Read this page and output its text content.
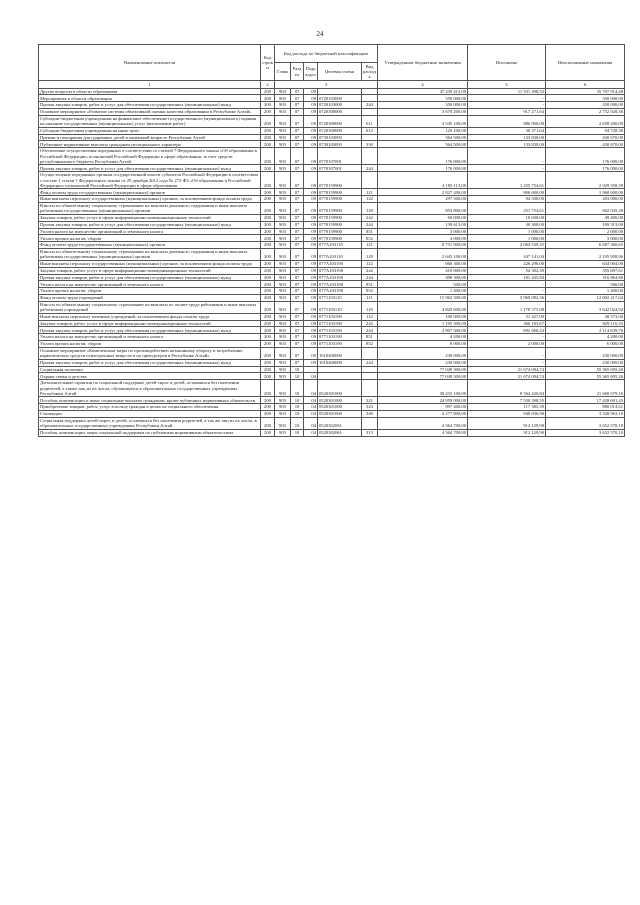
24
Наименование показателя	Код строки	Код расхода по бюджетной классификации					Утвержденные бюджетные назначения	Исполнено	Неисполненные назначения
		Глава	Раздел	Подраздел	Целевая статья	Вид расхода			
1	2	3					4	5	6
Другие вопросы в области образования	200	903	07	09			47 239 413,00	11 531 498,52	35 707 914,48
Мероприятия в области образования	200	903	07	09	0720103000		350 000,00	-	350 000,00
Прочая закупка товаров, работ и услуг для обеспечения государственных (муниципальных) нужд	200	903	07	09	0720103000	244	350 000,00	-	350 000,00
Основное мероприятие «Развитие системы объективной оценки качества образования в Республике Алтай»	200	903	07	09	0720300000		3 670 200,00	917 271,64	2 752 928,36
Субсидии бюджетным учреждениям на финансовое обеспечение государственного (муниципального) задания на оказание государственных (муниципальных) услуг (выполнение работ)	200	903	07	09	0720300000	611	3 545 100,00	886 900,00	2 658 200,00
Субсидии бюджетным учреждениям на иные цели	200	903	07	09	0720300000	612	125 100,00	30 371,64	94 728,36
Премии и поощрения для одаренных детей в маленькой возрасте Республики Алтай	200	903	07	09	0730103093		564 500,00	133 830,00	430 670,00
Публичные нормативные выплаты гражданам несоциального характера	200	903	07	09	0730103093	330	564 500,00	133 830,00	430 670,00
Обеспечение осуществления переданных в соответствии со статьей 7 Федерального закона «Об образовании в Российской Федерации» полномочий Российской Федерации в сфере образования, за счет средств республиканского бюджета Республики Алтай	200	903	07	09	0770107001		176 000,00	-	176 000,00
Прочая закупка товаров, работ и услуг для обеспечения государственных (муниципальных) нужд	200	903	07	09	0770107001	244	176 000,00	-	176 000,00
Осуществление переданных органам государственной власти субъектов Российской Федерации в соответствии с частью 1 статьи 7 Федерального закона от 29 декабря 2012 года № 273-ФЗ «Об образовании в Российской Федерации» полномочий Российской Федерации в сфере образования	200	903	07	09	0770159900		4 185 113,00	1 255 754,61	2 929 358,39
Фонд оплаты труда государственных (муниципальных) органов	200	903	07	09	0770159900	121	2 827 200,00	866 600,00	1 960 600,00
Иные выплаты персоналу государственных (муниципальных) органов, за исключением фонда оплаты труда	200	903	07	09	0770159900	122	297 500,00	94 500,00	203 000,00
Взносы по обязательному социальному страхованию на выплаты денежного содержания и иные выплаты работникам государственных (муниципальных) органов	200	903	07	09	0770159900	129	853 800,00	251 754,61	602 045,39
Закупка товаров, работ, услуг в сфере информационно-коммуникационных технологий	200	903	07	09	0770159900	242	60 000,00	10 600,00	49 400,00
Прочая закупка товаров, работ и услуг для обеспечения государственных (муниципальных) нужд	200	903	07	09	0770159900	244	139 613,00	30 300,00	109 313,00
Уплата налога на имущество организаций и земельного налога	200	903	07	09	0770159900	851	3 000,00	1 000,00	2 000,00
Уплата прочих налогов, сборов	200	903	07	09	0770159900	852	4 000,00	1 000,00	3 000,00
Фонд оплаты труда государственных (муниципальных) органов	200	903	07	09	077А103110	121	8 751 900,00	2 064 539,35	6 687 360,65
Взносы по обязательному социальному страхованию на выплаты денежного содержания и иные выплаты работникам государственных (муниципальных) органов	200	903	07	09	077А103110	129	2 643 100,00	447 141,04	2 195 958,96
Иные выплаты персоналу государственных (муниципальных) органов, за исключением фонда оплаты труда	200	903	07	09	077А103190	122	860 300,00	226 296,00	634 004,00
Закупка товаров, работ, услуг в сфере информационно-коммуникационных технологий	200	903	07	09	077А103190	242	410 000,00	54 302,39	355 697,61
Прочая закупка товаров, работ и услуг для обеспечения государственных (муниципальных) нужд	200	903	07	09	077А103190	244	498 300,00	181 435,84	316 864,86
Уплата налога на имущество организаций и земельного налога	200	903	07	09	077А103190	851	500,00	-	500,00
Уплата прочих налогов, сборов	200	903	07	09	077А103190	852	1 400,00	-	1 400,00
Фонд оплаты труда учреждений	200	903	07	09	0771103110	111	15 962 300,00	3 960 082,36	12 002 217,64
Взносы по обязательному социальному страхованию на выплаты по оплате труда работников и иные выплаты работникам учреждений	200	903	07	09	0771103110	119	4 820 600,00	1 178 575,08	3 642 024,92
Иные выплаты персоналу казенных учреждений, за исключением фонда оплаты труда	200	903	07	09	0771103190	112	100 000,00	51 427,00	48 573,00
Закупка товаров, работ, услуг в сфере информационно-коммуникационных технологий	200	903	07	09	0771103190	242	1 195 300,00	366 183,67	829 116,33
Прочая закупка товаров, работ и услуг для обеспечения государственных (муниципальных) нужд	200	903	07	09	0771103190	244	2 807 300,00	692 660,24	2 114 639,76
Уплата налога на имущество организаций и земельного налога	200	903	07	09	0771103190	851	4 200,00	-	4 200,00
Уплата прочих налогов, сборов	200	903	07	09	0771103190	852	8 000,00	2 000,00	6 000,00
Основное мероприятие «Комплексные меры по противодействию незаконному обороту и потреблению наркотических средств психотропных веществ и их прекурсоров в Республике Алтай»	200	903	07	09	1010400000		230 000,00	-	230 000,00
Прочая закупка товаров, работ и услуг для обеспечения государственных (муниципальных) нужд	200	903	07	09	1010400000	244	230 000,00	-	230 000,00
Социальная политика	200	903	10				77 049 300,00	21 674 094,74	55 365 695,26
Охрана семьи и детства	200	903	10	04			77 049 300,00	21 674 094,74	55 365 695,26
Дополнительные гарантии по социальной поддержке детей-сирот и детей, оставшихся без попечения родителей, а также лиц из их числа, обучающихся в образовательных государственных учреждениях Республики Алтай	200	903	10	04	0520301000		30 233 100,00	8 564 420,84	21 668 679,16
Пособия, компенсации и иные социальные выплаты гражданам, кроме публичных нормативных обязательств	200	903	10	04	0520301000	321	24 959 000,00	7 530 398,55	17 428 601,45
Приобретение товаров, работ, услуг в пользу граждан в целях их социального обеспечения	200	903	10	04	0520301000	323	997 400,00	117 385,39	880 014,61
Стипендии	200	903	10	04	0520301000	340	4 277 800,00	948 836,90	3 328 963,10
Социальная поддержка детей-сирот, и детей, оставшихся без попечения родителей, а так же лиц из их числа, в образовательных государственных учреждениях Республики Алтай	200	903	10	04	0520302061		4 564 700,00	912 129,90	3 652 570,10
Пособия, компенсации, меры социальной поддержки по публичным нормативным обязательствам	200	903	10	04	0520302061	313	4 564 700,00	912 129,90	3 652 570,10
